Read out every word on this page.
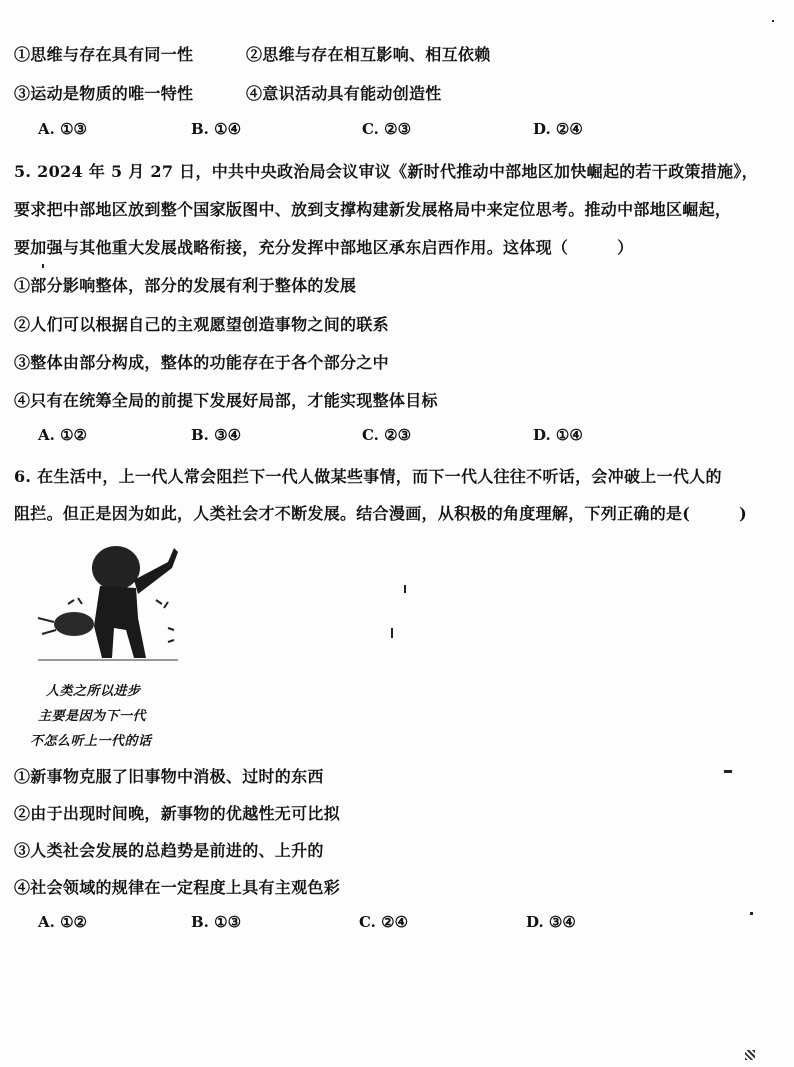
①思维与存在具有同一性	②思维与存在相互影响、相互依赖
③运动是物质的唯一特性	④意识活动具有能动创造性
A. ①③	B. ①④	C. ②③	D. ②④
5. 2024 年 5 月 27 日，中共中央政治局会议审议《新时代推动中部地区加快崛起的若干政策措施》，
要求把中部地区放到整个国家版图中、放到支撑构建新发展格局中来定位思考。推动中部地区崛起，
要加强与其他重大发展战略衔接，充分发挥中部地区承东启西作用。这体现（　　　）
①部分影响整体，部分的发展有利于整体的发展
②人们可以根据自己的主观愿望创造事物之间的联系
③整体由部分构成，整体的功能存在于各个部分之中
④只有在统筹全局的前提下发展好局部，才能实现整体目标
A. ①②	B. ③④	C. ②③	D. ①④
6. 在生活中，上一代人常会阻拦下一代人做某些事情，而下一代人往往不听话，会冲破上一代人的
阻拦。但正是因为如此，人类社会才不断发展。结合漫画，从积极的角度理解，下列正确的是(　　　)
人类之所以进步
主要是因为下一代
不怎么听上一代的话
①新事物克服了旧事物中消极、过时的东西
②由于出现时间晚，新事物的优越性无可比拟
③人类社会发展的总趋势是前进的、上升的
④社会领域的规律在一定程度上具有主观色彩
A. ①②	B. ①③	C. ②④	D. ③④
